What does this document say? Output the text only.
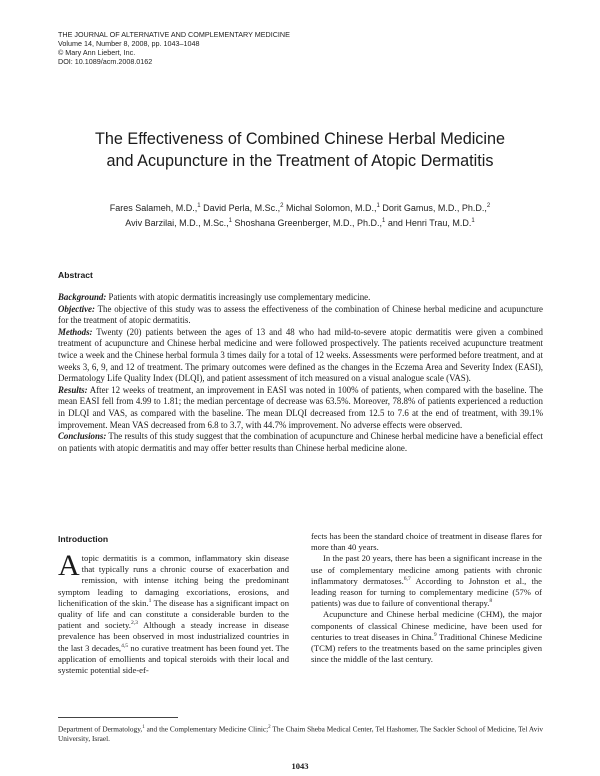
THE JOURNAL OF ALTERNATIVE AND COMPLEMENTARY MEDICINE
Volume 14, Number 8, 2008, pp. 1043–1048
© Mary Ann Liebert, Inc.
DOI: 10.1089/acm.2008.0162
The Effectiveness of Combined Chinese Herbal Medicine
and Acupuncture in the Treatment of Atopic Dermatitis
Fares Salameh, M.D.,$^1$ David Perla, M.Sc.,$^2$ Michal Solomon, M.D.,$^1$ Dorit Gamus, M.D., Ph.D.,$^2$
Aviv Barzilai, M.D., M.Sc.,$^1$ Shoshana Greenberger, M.D., Ph.D.,$^1$ and Henri Trau, M.D.$^1$
Abstract

Background: Patients with atopic dermatitis increasingly use complementary medicine.

Objective: The objective of this study was to assess the effectiveness of the combination of Chinese herbal medicine and acupuncture for the treatment of atopic dermatitis.

Methods: Twenty (20) patients between the ages of 13 and 48 who had mild-to-severe atopic dermatitis were given a combined treatment of acupuncture and Chinese herbal medicine and were followed prospectively. The patients received acupuncture treatment twice a week and the Chinese herbal formula 3 times daily for a total of 12 weeks. Assessments were performed before treatment, and at weeks 3, 6, 9, and 12 of treatment. The primary outcomes were defined as the changes in the Eczema Area and Severity Index (EASI), Dermatology Life Quality Index (DLQI), and patient assessment of itch measured on a visual analogue scale (VAS).

Results: After 12 weeks of treatment, an improvement in EASI was noted in 100% of patients, when compared with the baseline. The mean EASI fell from 4.99 to 1.81; the median percentage of decrease was 63.5%. Moreover, 78.8% of patients experienced a reduction in DLQI and VAS, as compared with the baseline. The mean DLQI decreased from 12.5 to 7.6 at the end of treatment, with 39.1% improvement. Mean VAS decreased from 6.8 to 3.7, with 44.7% improvement. No adverse effects were observed.

Conclusions: The results of this study suggest that the combination of acupuncture and Chinese herbal medicine have a beneficial effect on patients with atopic dermatitis and may offer better results than Chinese herbal medicine alone.

Introduction

Atopic dermatitis is a common, inflammatory skin disease that typically runs a chronic course of exacerbation and remission, with intense itching being the predominant symptom leading to damaging excoriations, erosions, and lichenification of the skin.$^1$ The disease has a significant impact on quality of life and can constitute a considerable burden to the patient and society.$^{2,3}$ Although a steady increase in disease prevalence has been observed in most industrialized countries in the last 3 decades,$^{4,5}$ no curative treatment has been found yet. The application of emollients and topical steroids with their local and systemic potential side-ef-

fects has been the standard choice of treatment in disease flares for more than 40 years.

In the past 20 years, there has been a significant increase in the use of complementary medicine among patients with chronic inflammatory dermatoses.$^{6,7}$ According to Johnston et al., the leading reason for turning to complementary medicine (57% of patients) was due to failure of conventional therapy.$^8$

Acupuncture and Chinese herbal medicine (CHM), the major components of classical Chinese medicine, have been used for centuries to treat diseases in China.$^9$ Traditional Chinese Medicine (TCM) refers to the treatments based on the same principles given since the middle of the last century.

Department of Dermatology,$^1$ and the Complementary Medicine Clinic;$^2$ The Chaim Sheba Medical Center, Tel Hashomer, The Sackler School of Medicine, Tel Aviv University, Israel.
1043
